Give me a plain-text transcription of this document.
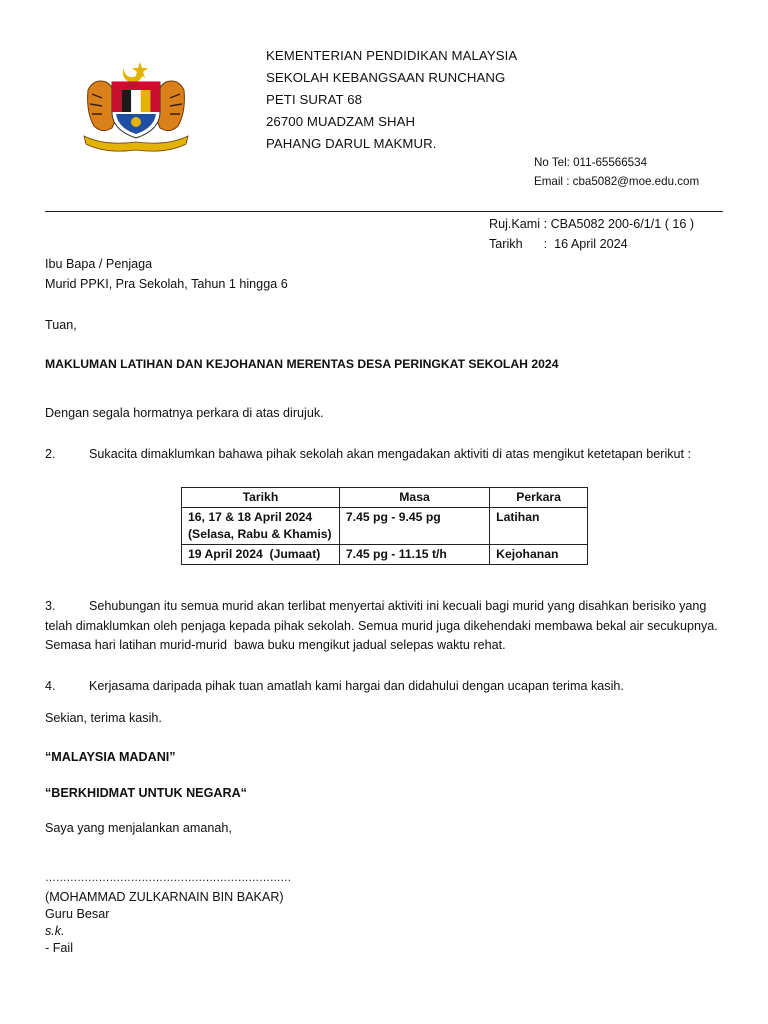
KEMENTERIAN PENDIDIKAN MALAYSIA
SEKOLAH KEBANGSAAN RUNCHANG
PETI SURAT 68
26700 MUADZAM SHAH
PAHANG DARUL MAKMUR.
No Tel: 011-65566534
Email : cba5082@moe.edu.com
Ruj.Kami : CBA5082 200-6/1/1 ( 16 )
Tarikh      :  16 April 2024
Ibu Bapa / Penjaga
Murid PPKI, Pra Sekolah, Tahun 1 hingga 6
Tuan,
MAKLUMAN LATIHAN DAN KEJOHANAN MERENTAS DESA PERINGKAT SEKOLAH 2024
Dengan segala hormatnya perkara di atas dirujuk.
2.	Sukacita dimaklumkan bahawa pihak sekolah akan mengadakan aktiviti di atas mengikut ketetapan berikut :
Tarikh	Masa	Perkara

16, 17 & 18 April 2024
(Selasa, Rabu & Khamis)	7.45 pg - 9.45 pg	Latihan
19 April 2024  (Jumaat)	7.45 pg - 11.15 t/h	Kejohanan
3.	Sehubungan itu semua murid akan terlibat menyertai aktiviti ini kecuali bagi murid yang disahkan berisiko yang
telah dimaklumkan oleh penjaga kepada pihak sekolah. Semua murid juga dikehendaki membawa bekal air secukupnya.
Semasa hari latihan murid-murid  bawa buku mengikut jadual selepas waktu rehat.
4.	Kerjasama daripada pihak tuan amatlah kami hargai dan didahului dengan ucapan terima kasih.
Sekian, terima kasih.
“MALAYSIA MADANI”
“BERKHIDMAT UNTUK NEGARA“
Saya yang menjalankan amanah,
……………………………………………………………
(MOHAMMAD ZULKARNAIN BIN BAKAR)
Guru Besar
s.k.
- Fail
